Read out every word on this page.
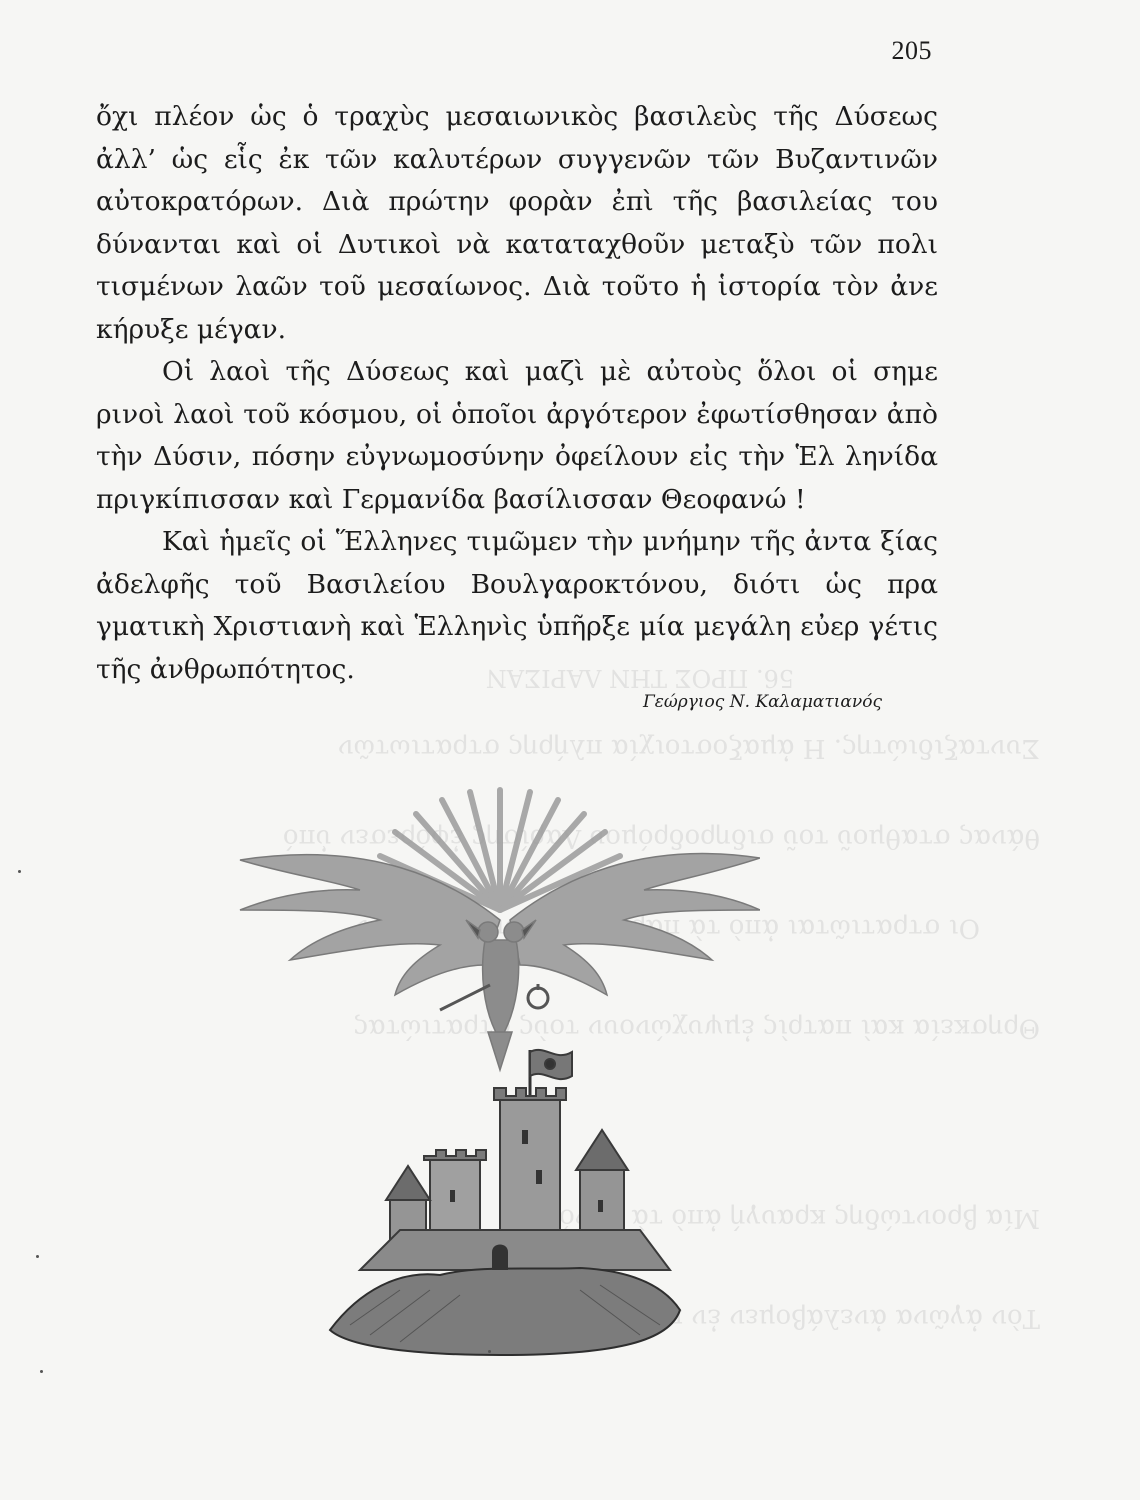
56. ΠΡΟΣ ΤΗΝ ΛΑΡΙΣΑΝ
Συνταξιδιώτης. Η ἀμαξοστοιχία πλήρης στρατιωτῶν
θάνας σταθμοῦ τοῦ σιδηροδρόμου Λαρίσης ἐφόρεσεν ὑπό
Οι στρατιῶται ἀπὸ τὰ παράθυρα τῶν βαγονιῶν
Θρησκεία καὶ πατρὶς ἐμψυχώνουν τοὺς στρατιώτας
Μία βροντώδης κραυγή ἀπὸ τὰ βαγόνια
Τὸν ἀγῶνα ἀνελάβομεν ἐν πλήρει ἐθνικῇ ὁμοψυχίᾳ
205

ὄχι πλέον ὡς ὁ τραχὺς μεσαιωνικὸς βασιλεὺς τῆς Δύσεως ἀλλ’ ὡς εἷς ἐκ τῶν καλυτέρων συγγενῶν τῶν Βυζαντινῶν αὐτοκρατόρων. Διὰ πρώτην φορὰν ἐπὶ τῆς βασιλείας του δύνανται καὶ οἱ Δυτικοὶ νὰ καταταχθοῦν μεταξὺ τῶν πολι τισμένων λαῶν τοῦ μεσαίωνος. Διὰ τοῦτο ἡ ἱστορία τὸν ἀνε κήρυξε μέγαν.

Οἱ λαοὶ τῆς Δύσεως καὶ μαζὶ μὲ αὐτοὺς ὅλοι οἱ σημε ρινοὶ λαοὶ τοῦ κόσμου, οἱ ὁποῖοι ἀργότερον ἐφωτίσθησαν ἀπὸ τὴν Δύσιν, πόσην εὐγνωμοσύνην ὀφείλουν εἰς τὴν Ἑλ ληνίδα πριγκίπισσαν καὶ Γερμανίδα βασίλισσαν Θεοφανώ !

Καὶ ἡμεῖς οἱ Ἕλληνες τιμῶμεν τὴν μνήμην τῆς ἀντα ξίας ἀδελφῆς τοῦ Βασιλείου Βουλγαροκτόνου, διότι ὡς πρα γματικὴ Χριστιανὴ καὶ Ἑλληνὶς ὑπῆρξε μία μεγάλη εὐερ γέτις τῆς ἀνθρωπότητος.

Γεώργιος Ν. Καλαματιανός
